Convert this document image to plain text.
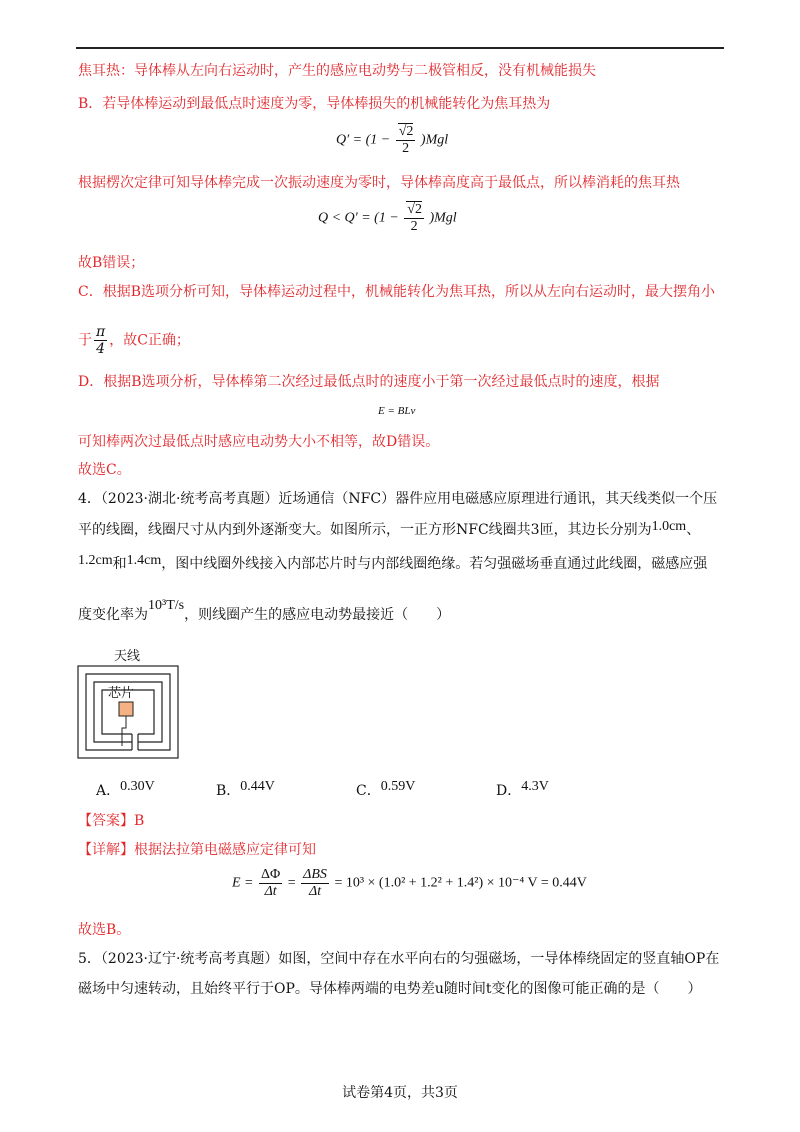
焦耳热：导体棒从左向右运动时，产生的感应电动势与二极管相反，没有机械能损失
B．若导体棒运动到最低点时速度为零，导体棒损失的机械能转化为焦耳热为
$Q' = (1 - \frac{√2}{2} )Mgl$
根据楞次定律可知导体棒完成一次振动速度为零时，导体棒高度高于最低点，所以棒消耗的焦耳热
$Q < Q' = (1 - \frac{√2}{2} )Mgl$
故B错误；
C．根据B选项分析可知，导体棒运动过程中，机械能转化为焦耳热，所以从左向右运动时，最大摆角小
于 $\frac{\pi}{4}$ ，故C正确；
D．根据B选项分析，导体棒第二次经过最低点时的速度小于第一次经过最低点时的速度，根据
E = BLv
可知棒两次过最低点时感应电动势大小不相等，故D错误。
故选C。
4．（2023·湖北·统考高考真题）近场通信（NFC）器件应用电磁感应原理进行通讯，其天线类似一个压
平的线圈，线圈尺寸从内到外逐渐变大。如图所示，一正方形NFC线圈共3匝，其边长分别为1.0cm、
1.2cm和1.4cm，图中线圈外线接入内部芯片时与内部线圈绝缘。若匀强磁场垂直通过此线圈，磁感应强
度变化率为10³T/s，则线圈产生的感应电动势最接近（　　）
天线
芯片
A．0.30V	B．0.44V	C．0.59V	D．4.3V
【答案】B
【详解】根据法拉第电磁感应定律可知
$E = \frac{\Delta\Phi}{\Delta t} = \frac{\text{ΔBS}}{\Delta t} = 10^3 \times (1.0^2 + 1.2^2 + 1.4^2) \times 10^{-4}$ V = 0.44V
故选B。
5．（2023·辽宁·统考高考真题）如图，空间中存在水平向右的匀强磁场，一导体棒绕固定的竖直轴OP在
磁场中匀速转动，且始终平行于OP。导体棒两端的电势差u随时间t变化的图像可能正确的是（　　）
试卷第4页，共3页
